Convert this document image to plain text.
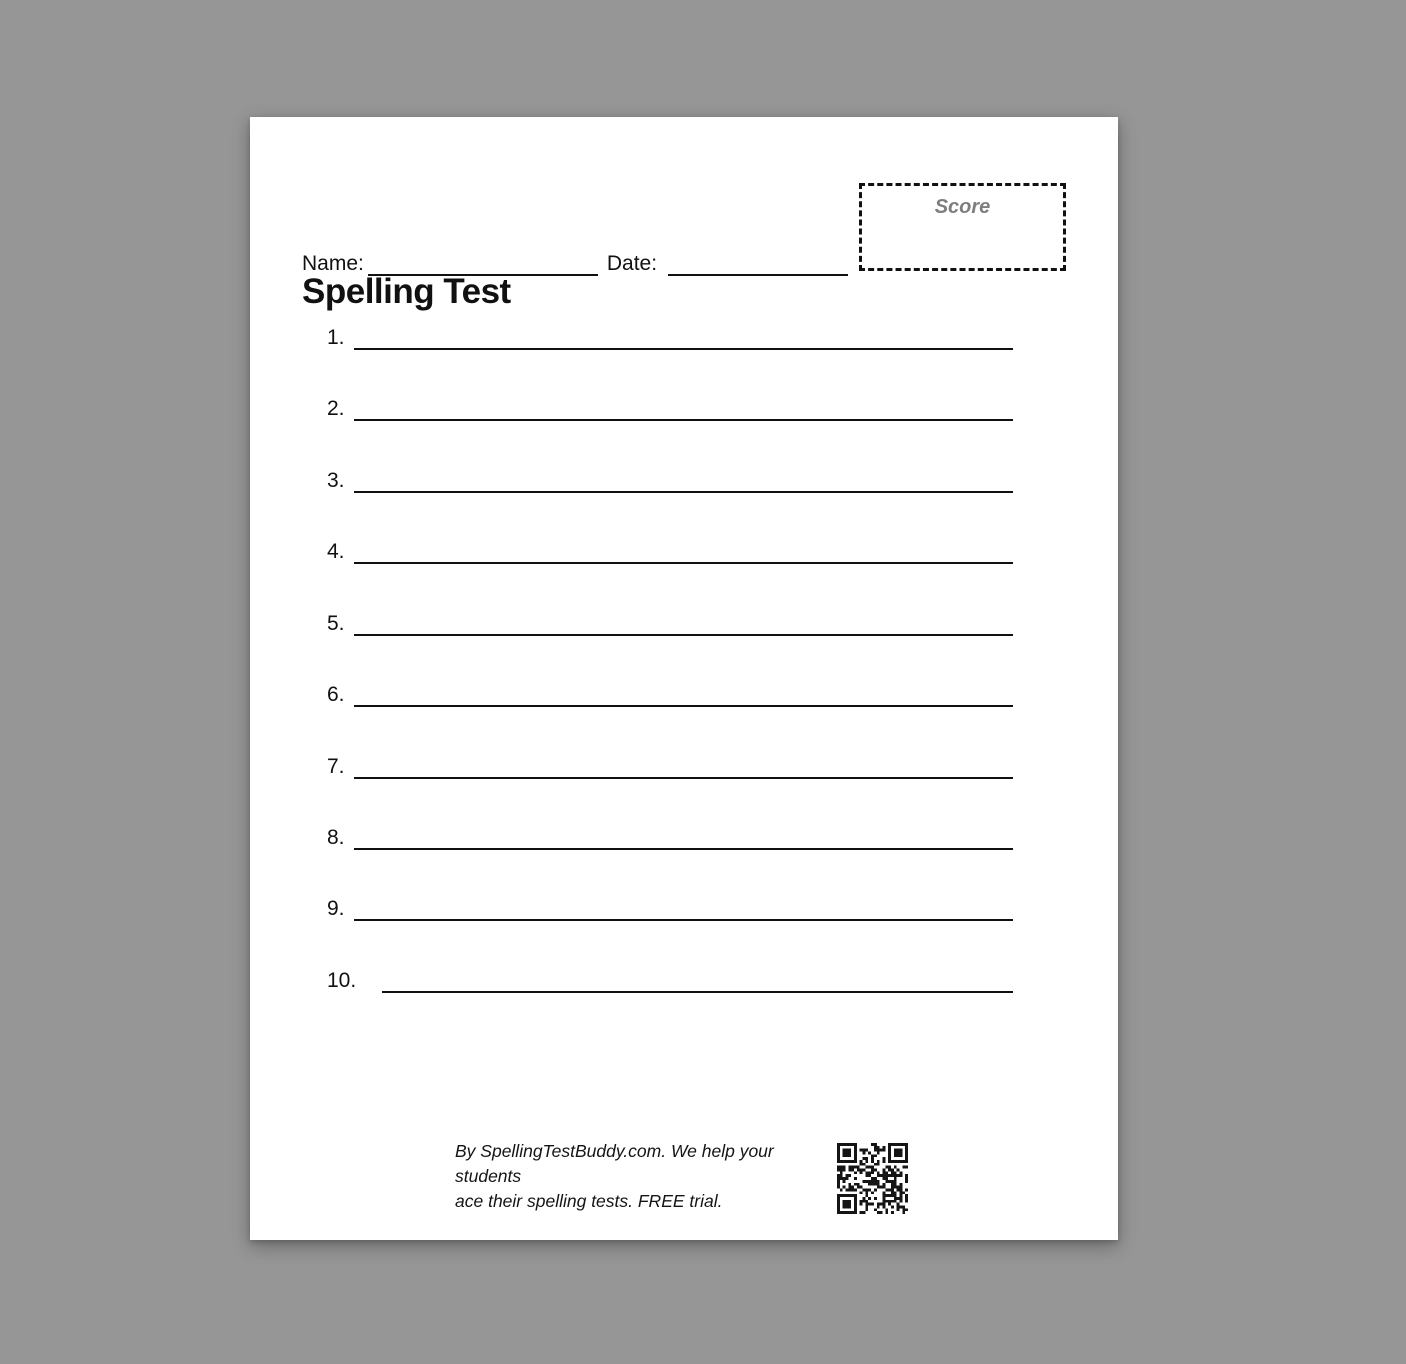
Spelling Test
Score
Name:	Date:
1.
2.
3.
4.
5.
6.
7.
8.
9.
10.
By SpellingTestBuddy.com. We help your students
ace their spelling tests. FREE trial.
